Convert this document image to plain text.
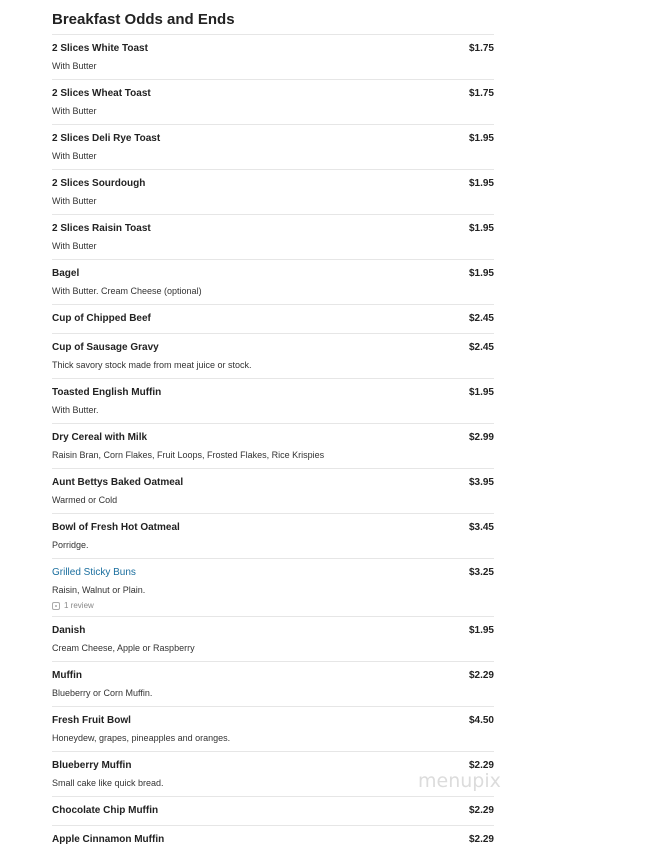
Breakfast Odds and Ends
2 Slices White Toast	$1.75
With Butter
2 Slices Wheat Toast	$1.75
With Butter
2 Slices Deli Rye Toast	$1.95
With Butter
2 Slices Sourdough	$1.95
With Butter
2 Slices Raisin Toast	$1.95
With Butter
Bagel	$1.95
With Butter. Cream Cheese (optional)
Cup of Chipped Beef	$2.45
Cup of Sausage Gravy	$2.45
Thick savory stock made from meat juice or stock.
Toasted English Muffin	$1.95
With Butter.
Dry Cereal with Milk	$2.99
Raisin Bran, Corn Flakes, Fruit Loops, Frosted Flakes, Rice Krispies
Aunt Bettys Baked Oatmeal	$3.95
Warmed or Cold
Bowl of Fresh Hot Oatmeal	$3.45
Porridge.
Grilled Sticky Buns	$3.25
Raisin, Walnut or Plain.
1 review
Danish	$1.95
Cream Cheese, Apple or Raspberry
Muffin	$2.29
Blueberry or Corn Muffin.
Fresh Fruit Bowl	$4.50
Honeydew, grapes, pineapples and oranges.
Blueberry Muffin	$2.29
Small cake like quick bread.
Chocolate Chip Muffin	$2.29
Apple Cinnamon Muffin	$2.29
menupix
